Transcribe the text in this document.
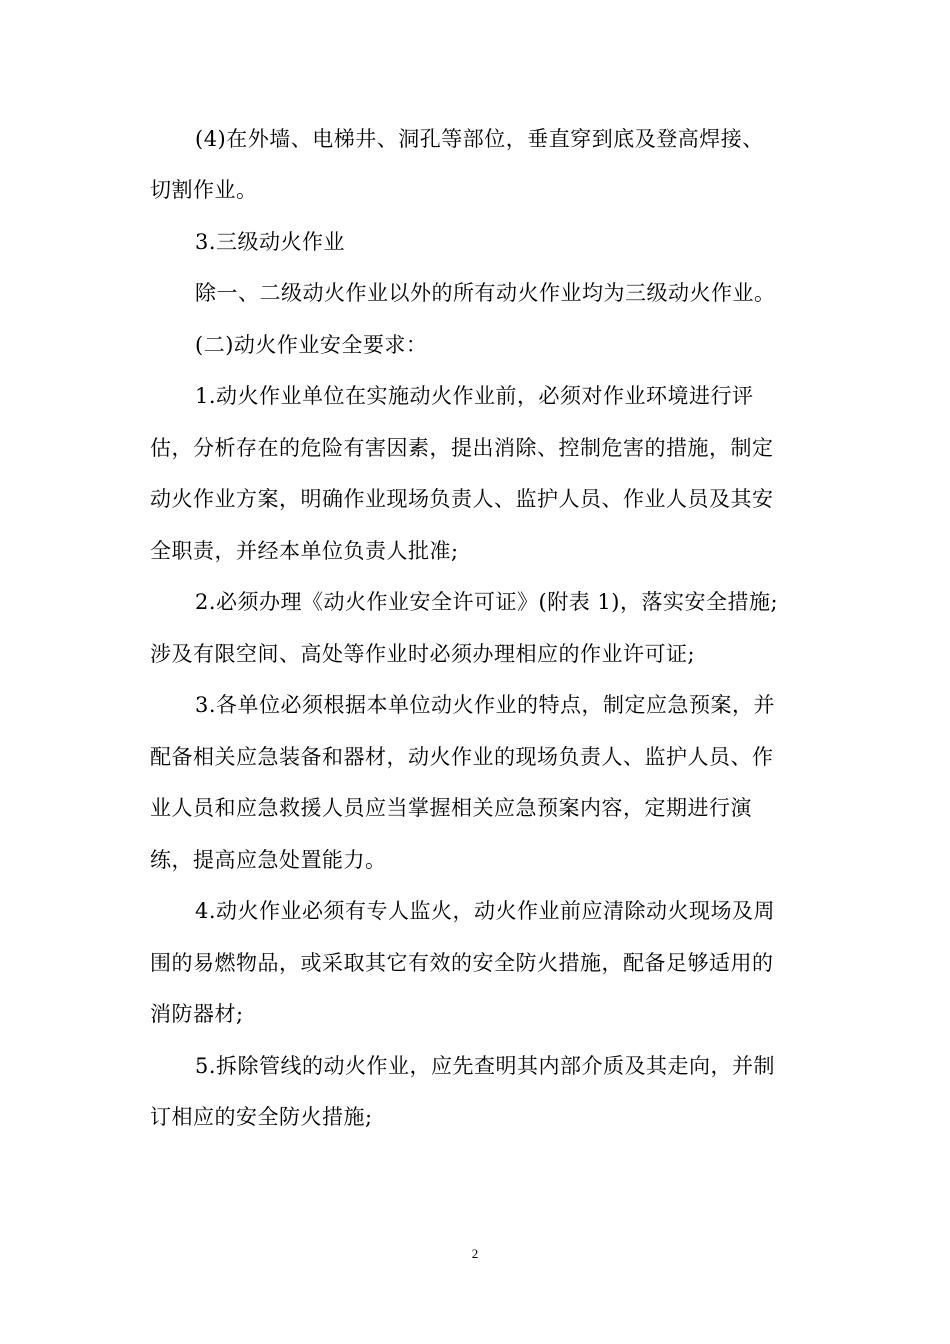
(4)在外墙、电梯井、洞孔等部位，垂直穿到底及登高焊接、
切割作业。
3.三级动火作业
除一、二级动火作业以外的所有动火作业均为三级动火作业。
(二)动火作业安全要求：
1.动火作业单位在实施动火作业前，必须对作业环境进行评
估，分析存在的危险有害因素，提出消除、控制危害的措施，制定
动火作业方案，明确作业现场负责人、监护人员、作业人员及其安
全职责，并经本单位负责人批准;
2.必须办理《动火作业安全许可证》(附表 1)，落实安全措施;
涉及有限空间、高处等作业时必须办理相应的作业许可证;
3.各单位必须根据本单位动火作业的特点，制定应急预案，并
配备相关应急装备和器材，动火作业的现场负责人、监护人员、作
业人员和应急救援人员应当掌握相关应急预案内容，定期进行演
练，提高应急处置能力。
4.动火作业必须有专人监火，动火作业前应清除动火现场及周
围的易燃物品，或采取其它有效的安全防火措施，配备足够适用的
消防器材;
5.拆除管线的动火作业，应先查明其内部介质及其走向，并制
订相应的安全防火措施;
2
